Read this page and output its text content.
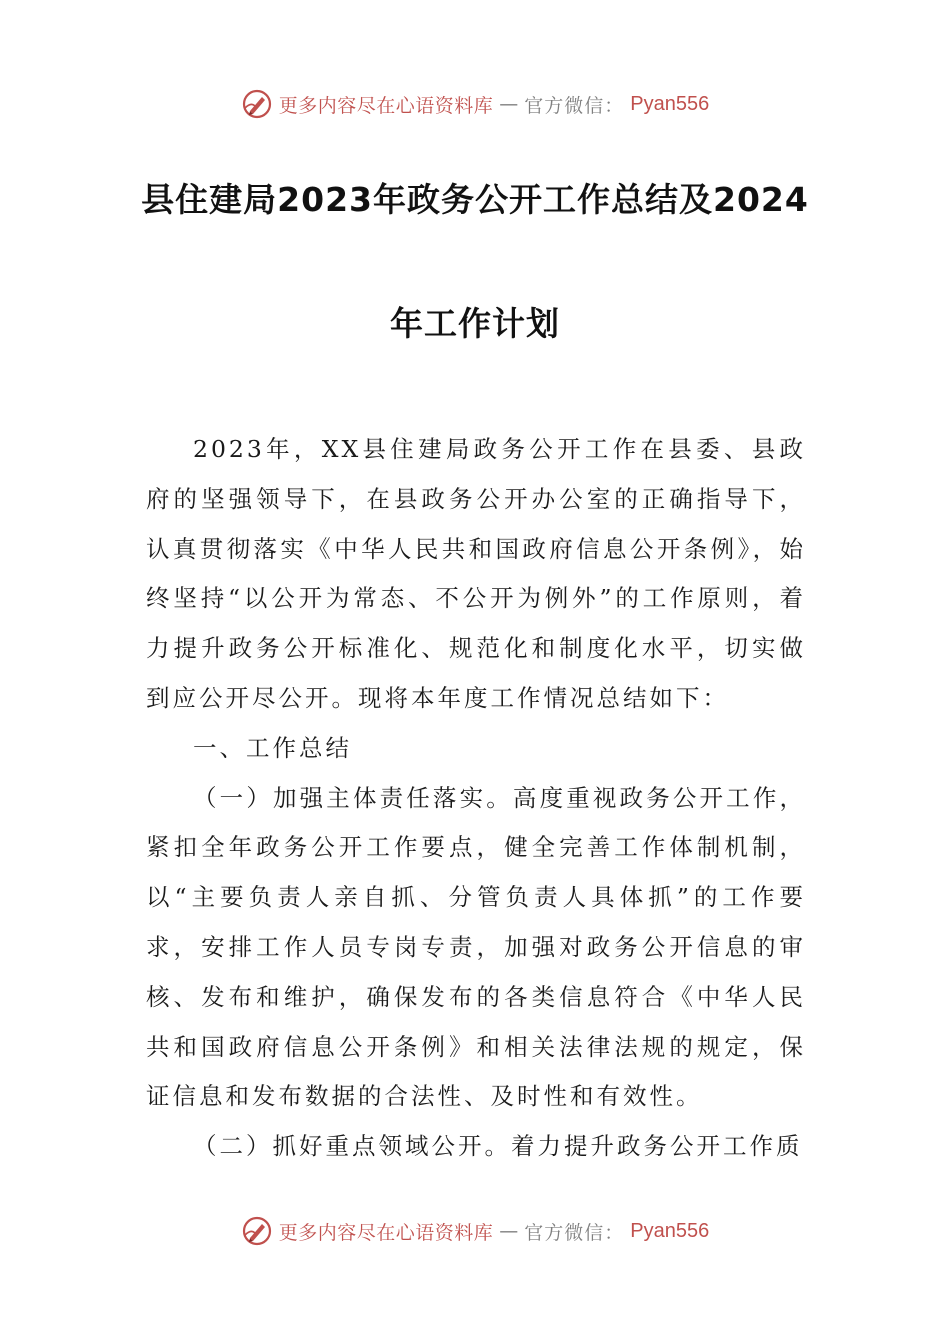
更多内容尽在心语资料库 — 官方微信： Pyan556
县住建局2023年政务公开工作总结及2024
年工作计划

2023年，XX县住建局政务公开工作在县委、县政府的坚强领导下，在县政务公开办公室的正确指导下，认真贯彻落实《中华人民共和国政府信息公开条例》，始终坚持“以公开为常态、不公开为例外”的工作原则，着力提升政务公开标准化、规范化和制度化水平，切实做到应公开尽公开。现将本年度工作情况总结如下：

一、工作总结

（一）加强主体责任落实。高度重视政务公开工作，紧扣全年政务公开工作要点，健全完善工作体制机制，以“主要负责人亲自抓、分管负责人具体抓”的工作要求，安排工作人员专岗专责，加强对政务公开信息的审核、发布和维护，确保发布的各类信息符合《中华人民共和国政府信息公开条例》和相关法律法规的规定，保证信息和发布数据的合法性、及时性和有效性。

（二）抓好重点领域公开。着力提升政务公开工作质

更多内容尽在心语资料库 — 官方微信： Pyan556
